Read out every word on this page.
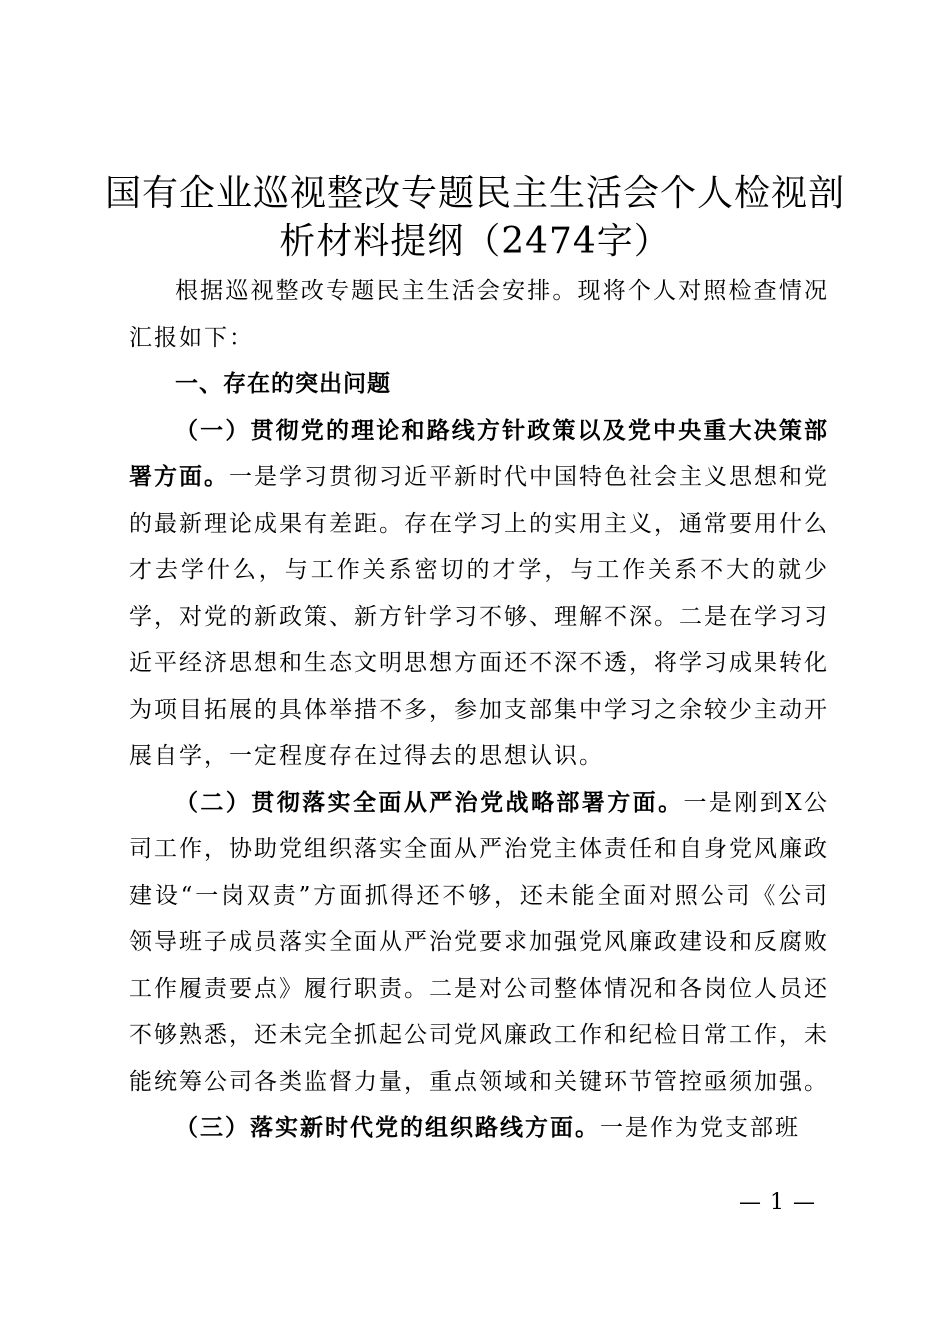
国有企业巡视整改专题民主生活会个人检视剖
析材料提纲（2474字）

根据巡视整改专题民主生活会安排。现将个人对照检查情况汇报如下：

一、存在的突出问题

（一）贯彻党的理论和路线方针政策以及党中央重大决策部署方面。一是学习贯彻习近平新时代中国特色社会主义思想和党的最新理论成果有差距。存在学习上的实用主义，通常要用什么才去学什么，与工作关系密切的才学，与工作关系不大的就少学，对党的新政策、新方针学习不够、理解不深。二是在学习习近平经济思想和生态文明思想方面还不深不透，将学习成果转化为项目拓展的具体举措不多，参加支部集中学习之余较少主动开展自学，一定程度存在过得去的思想认识。

（二）贯彻落实全面从严治党战略部署方面。一是刚到X公司工作，协助党组织落实全面从严治党主体责任和自身党风廉政建设“一岗双责”方面抓得还不够，还未能全面对照公司《公司领导班子成员落实全面从严治党要求加强党风廉政建设和反腐败工作履责要点》履行职责。二是对公司整体情况和各岗位人员还不够熟悉，还未完全抓起公司党风廉政工作和纪检日常工作，未能统筹公司各类监督力量，重点领域和关键环节管控亟须加强。

（三）落实新时代党的组织路线方面。一是作为党支部班

— 1 —
